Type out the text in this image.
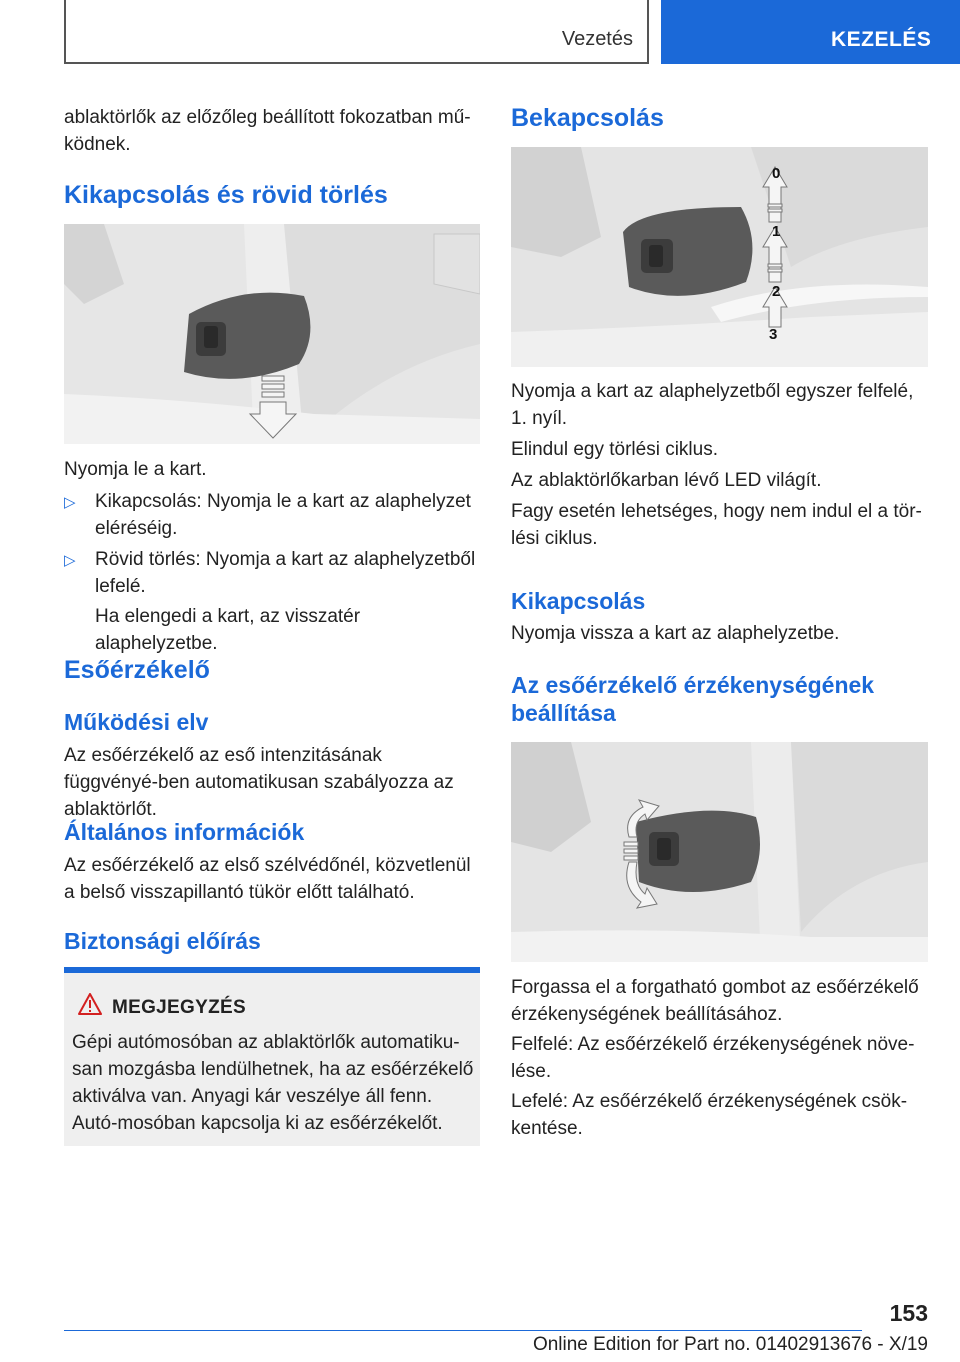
Vezetés	KEZELÉS

ablaktörlők az előzőleg beállított fokozatban mű-ködnek.

Kikapcsolás és rövid törlés

Nyomja le a kart.

▷ Kikapcsolás: Nyomja le a kart az alaphelyzet eléréséig.

▷ Rövid törlés: Nyomja a kart az alaphelyzetből lefelé.

Ha elengedi a kart, az visszatér alaphelyzetbe.

Esőérzékelő
Működési elv

Az esőérzékelő az eső intenzitásának függvényé-ben automatikusan szabályozza az ablaktörlőt.

Általános információk

Az esőérzékelő az első szélvédőnél, közvetlenül a belső visszapillantó tükör előtt található.

Biztonsági előírás
MEGJEGYZÉS

Gépi autómosóban az ablaktörlők automatiku-san mozgásba lendülhetnek, ha az esőérzékelő aktiválva van. Anyagi kár veszélye áll fenn. Autó-mosóban kapcsolja ki az esőérzékelőt.

Bekapcsolás
0
1
2
3

Nyomja a kart az alaphelyzetből egyszer felfelé, 1. nyíl.

Elindul egy törlési ciklus.

Az ablaktörlőkarban lévő LED világít.

Fagy esetén lehetséges, hogy nem indul el a tör-lési ciklus.

Kikapcsolás

Nyomja vissza a kart az alaphelyzetbe.

Az esőérzékelő érzékenységének beállítása

Forgassa el a forgatható gombot az esőérzékelő érzékenységének beállításához.

Felfelé: Az esőérzékelő érzékenységének növe-lése.

Lefelé: Az esőérzékelő érzékenységének csök-kentése.

153
Online Edition for Part no. 01402913676 - X/19
